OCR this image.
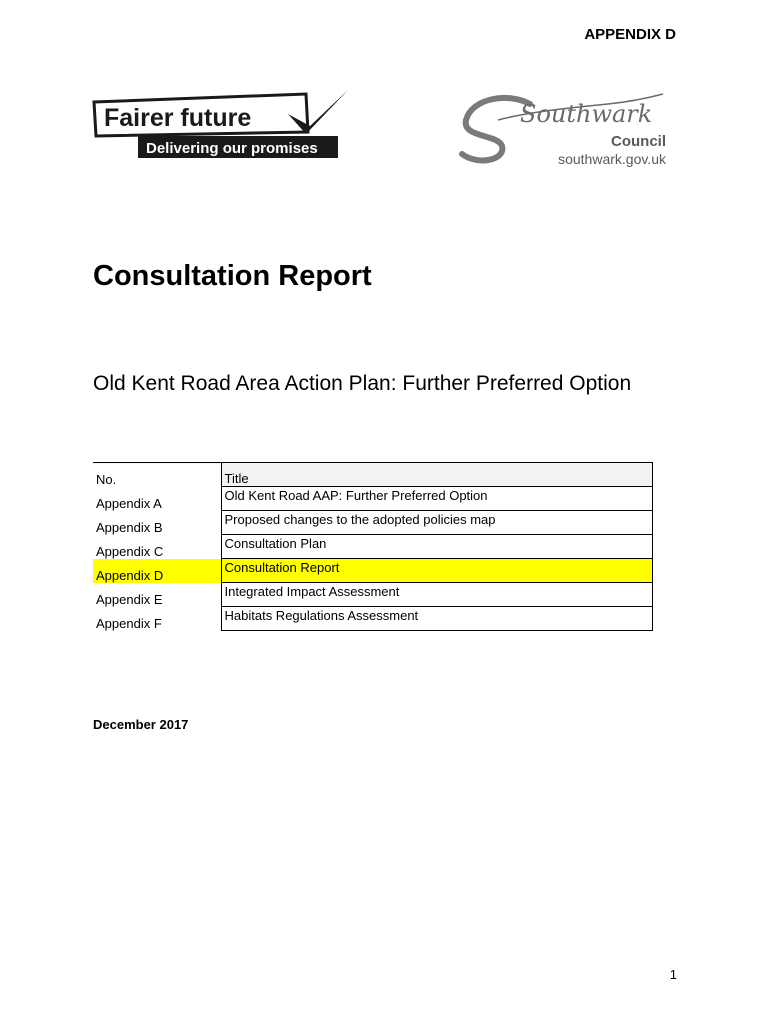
APPENDIX D
Fairer future
Delivering our promises
Southwark
Council
southwark.gov.uk
Consultation Report

Old Kent Road Area Action Plan: Further Preferred Option

No.	Title
Appendix A	Old Kent Road AAP: Further Preferred Option
Appendix B	Proposed changes to the adopted policies map
Appendix C	Consultation Plan
Appendix D	Consultation Report
Appendix E	Integrated Impact Assessment
Appendix F	Habitats Regulations Assessment
December 2017
1
